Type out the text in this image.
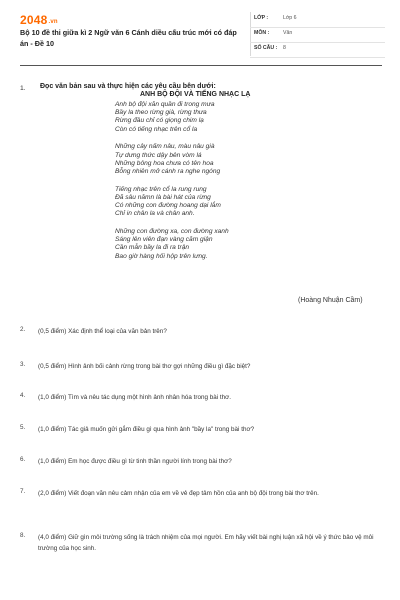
2048.vn
Bộ 10 đề thi giữa kì 2 Ngữ văn 6 Cánh diều cấu trúc mới có đáp án - Đề 10
LỚP :	Lớp 6
MÔN :	Văn
SỐ CÂU : 8
1. Đọc văn bản sau và thực hiện các yêu cầu bên dưới:
ANH BỘ ĐỘI VÀ TIẾNG NHẠC LẠ
Anh bộ đội xăn quần đi trong mưa
Bầy la theo rừng già, rừng thưa
Rừng đầu chỉ có giọng chim lạ
Còn có tiếng nhạc trên cổ la
Những cây nấm nâu, màu nâu già
Tự dưng thức dậy bên vòm lá
Những bông hoa chưa có tên hoa
Bỗng nhiên mở cánh ra nghe ngóng
Tiếng nhạc trên cổ la rung rung
Đã sâu nămn là bài hát của rừng
Có những con đường hoang dại lắm
Chỉ in chân la và chân anh.
Những con đường xa, con đường xanh
Sáng lên viên đạn vàng căm giận
Cần mẫn bầy la đi ra trận
Bao giờ hàng hối hộp trên lưng.
(Hoàng Nhuận Cầm)
2. (0,5 điểm) Xác định thể loại của văn bản trên?
3. (0,5 điểm) Hình ảnh bối cảnh rừng trong bài thơ gợi những điều gì đặc biệt?
4. (1,0 điểm) Tìm và nêu tác dụng một hình ảnh nhân hóa trong bài thơ.
5. (1,0 điểm) Tác giả muốn gửi gắm điều gì qua hình ảnh "bầy la" trong bài thơ?
6. (1,0 điểm) Em học được điều gì từ tinh thần người lính trong bài thơ?
7. (2,0 điểm) Viết đoạn văn nêu cảm nhận của em về vẻ đẹp tâm hồn của anh bộ đội trong bài thơ trên.
8. (4,0 điểm) Giữ gìn môi trường sống là trách nhiệm của mọi người. Em hãy viết bài nghị luận xã hội về ý thức bảo vệ môi trường của học sinh.
